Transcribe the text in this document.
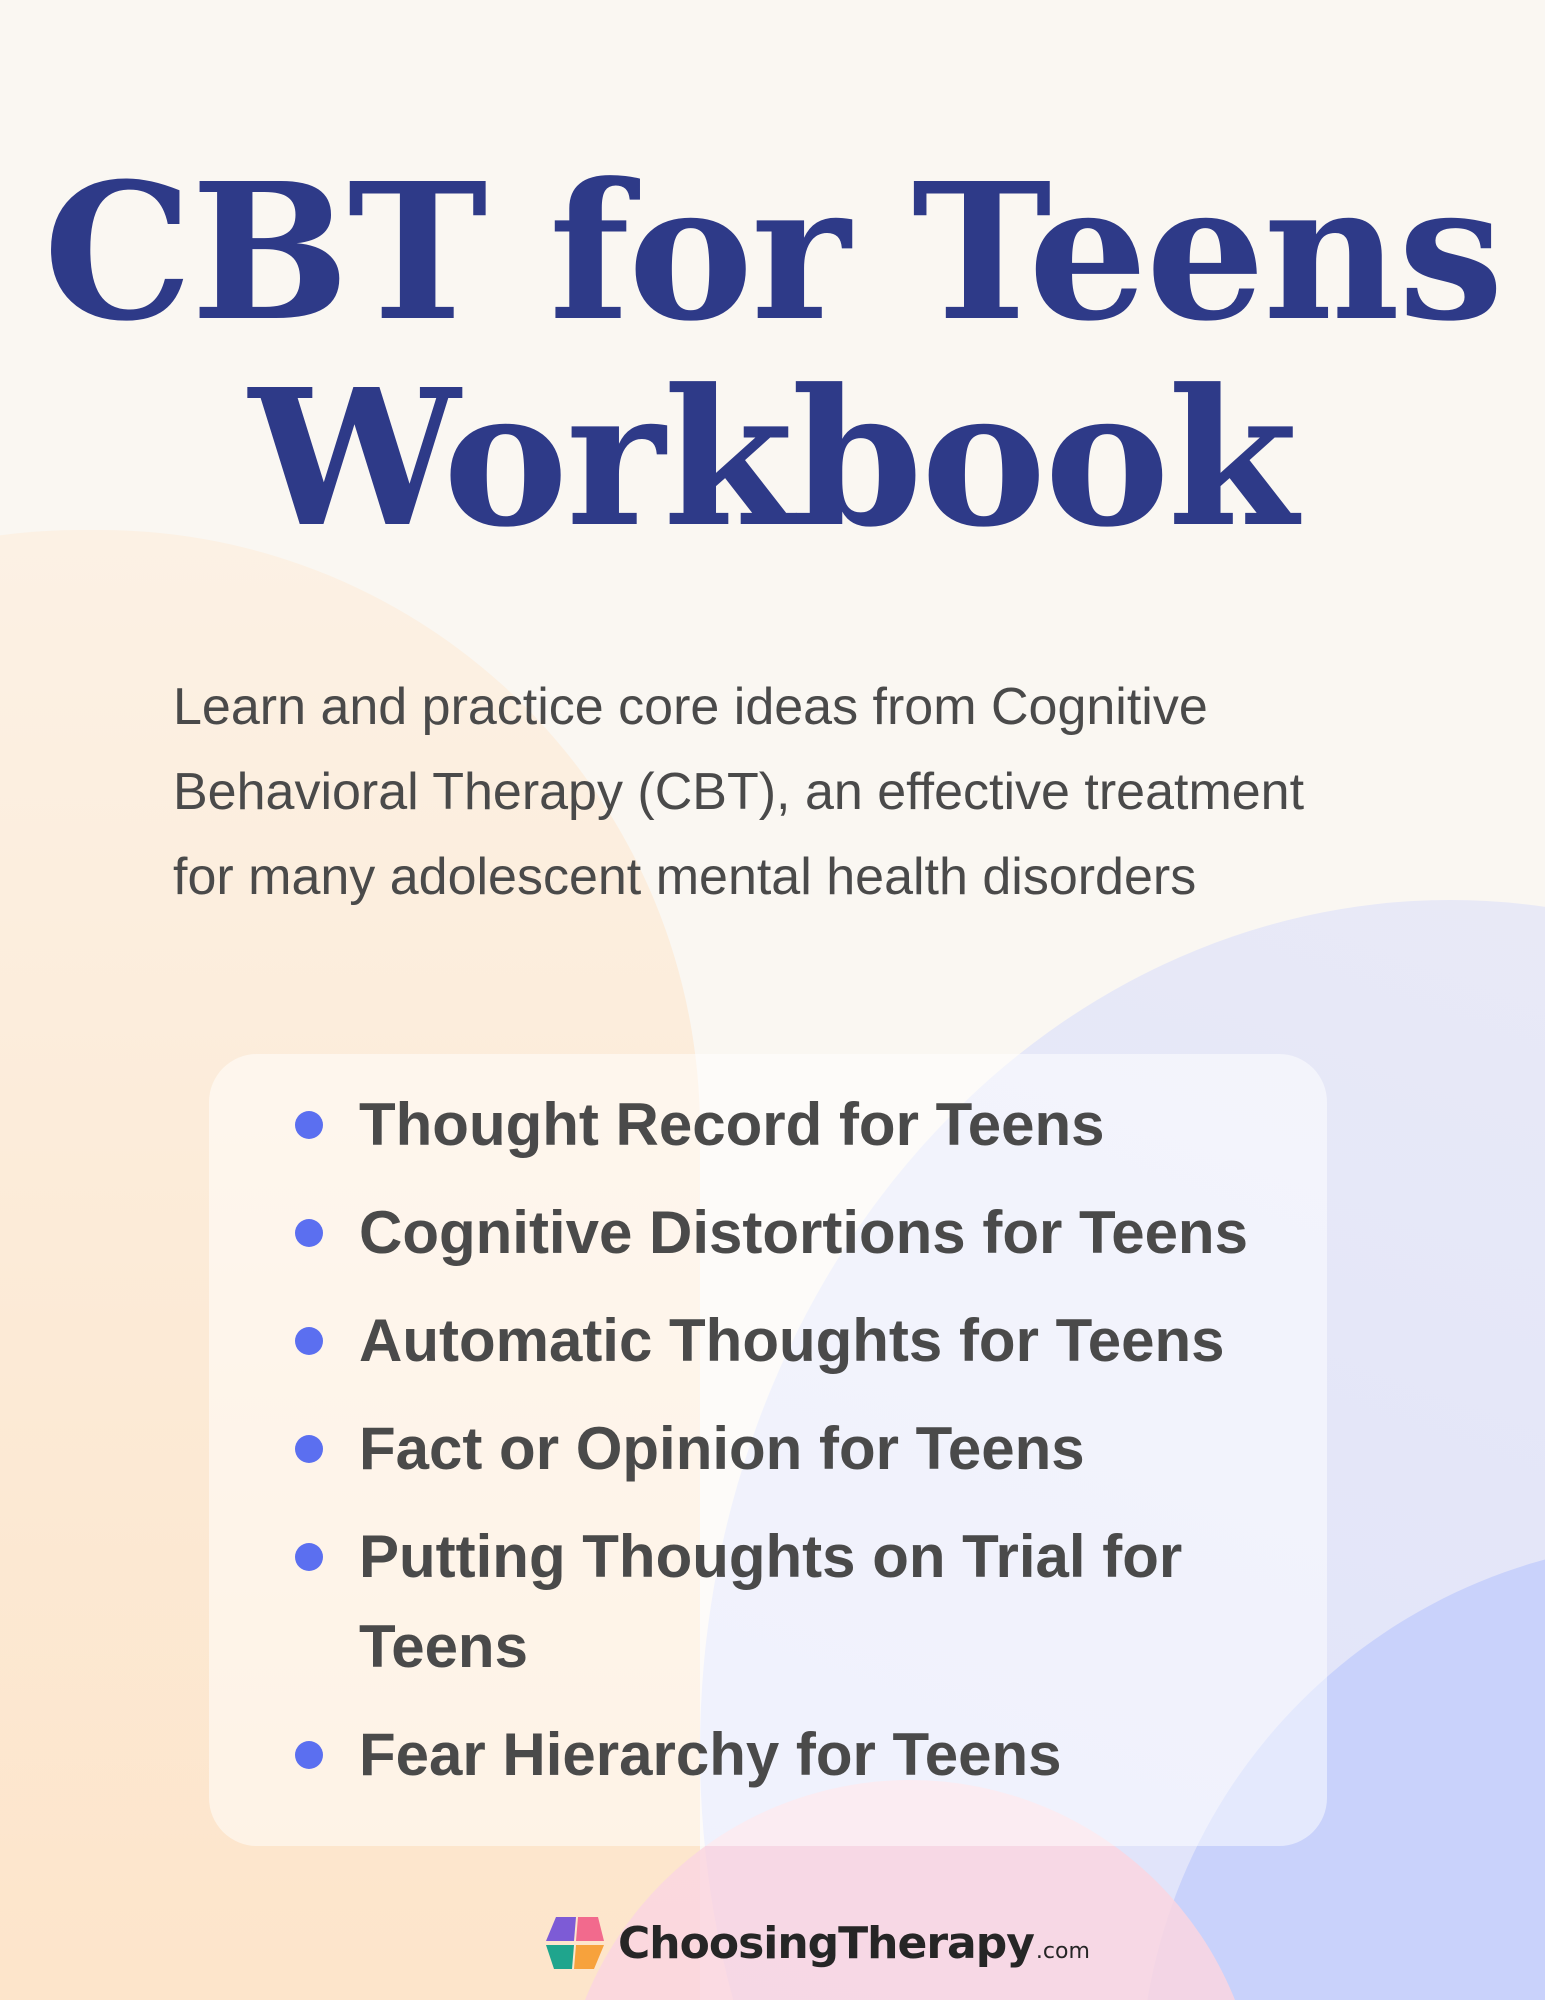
CBT for Teens
Workbook

Learn and practice core ideas from Cognitive Behavioral Therapy (CBT), an effective treatment for many adolescent mental health disorders

Thought Record for Teens
Cognitive Distortions for Teens
Automatic Thoughts for Teens
Fact or Opinion for Teens
Putting Thoughts on Trial for Teens
Fear Hierarchy for Teens
ChoosingTherapy .com
